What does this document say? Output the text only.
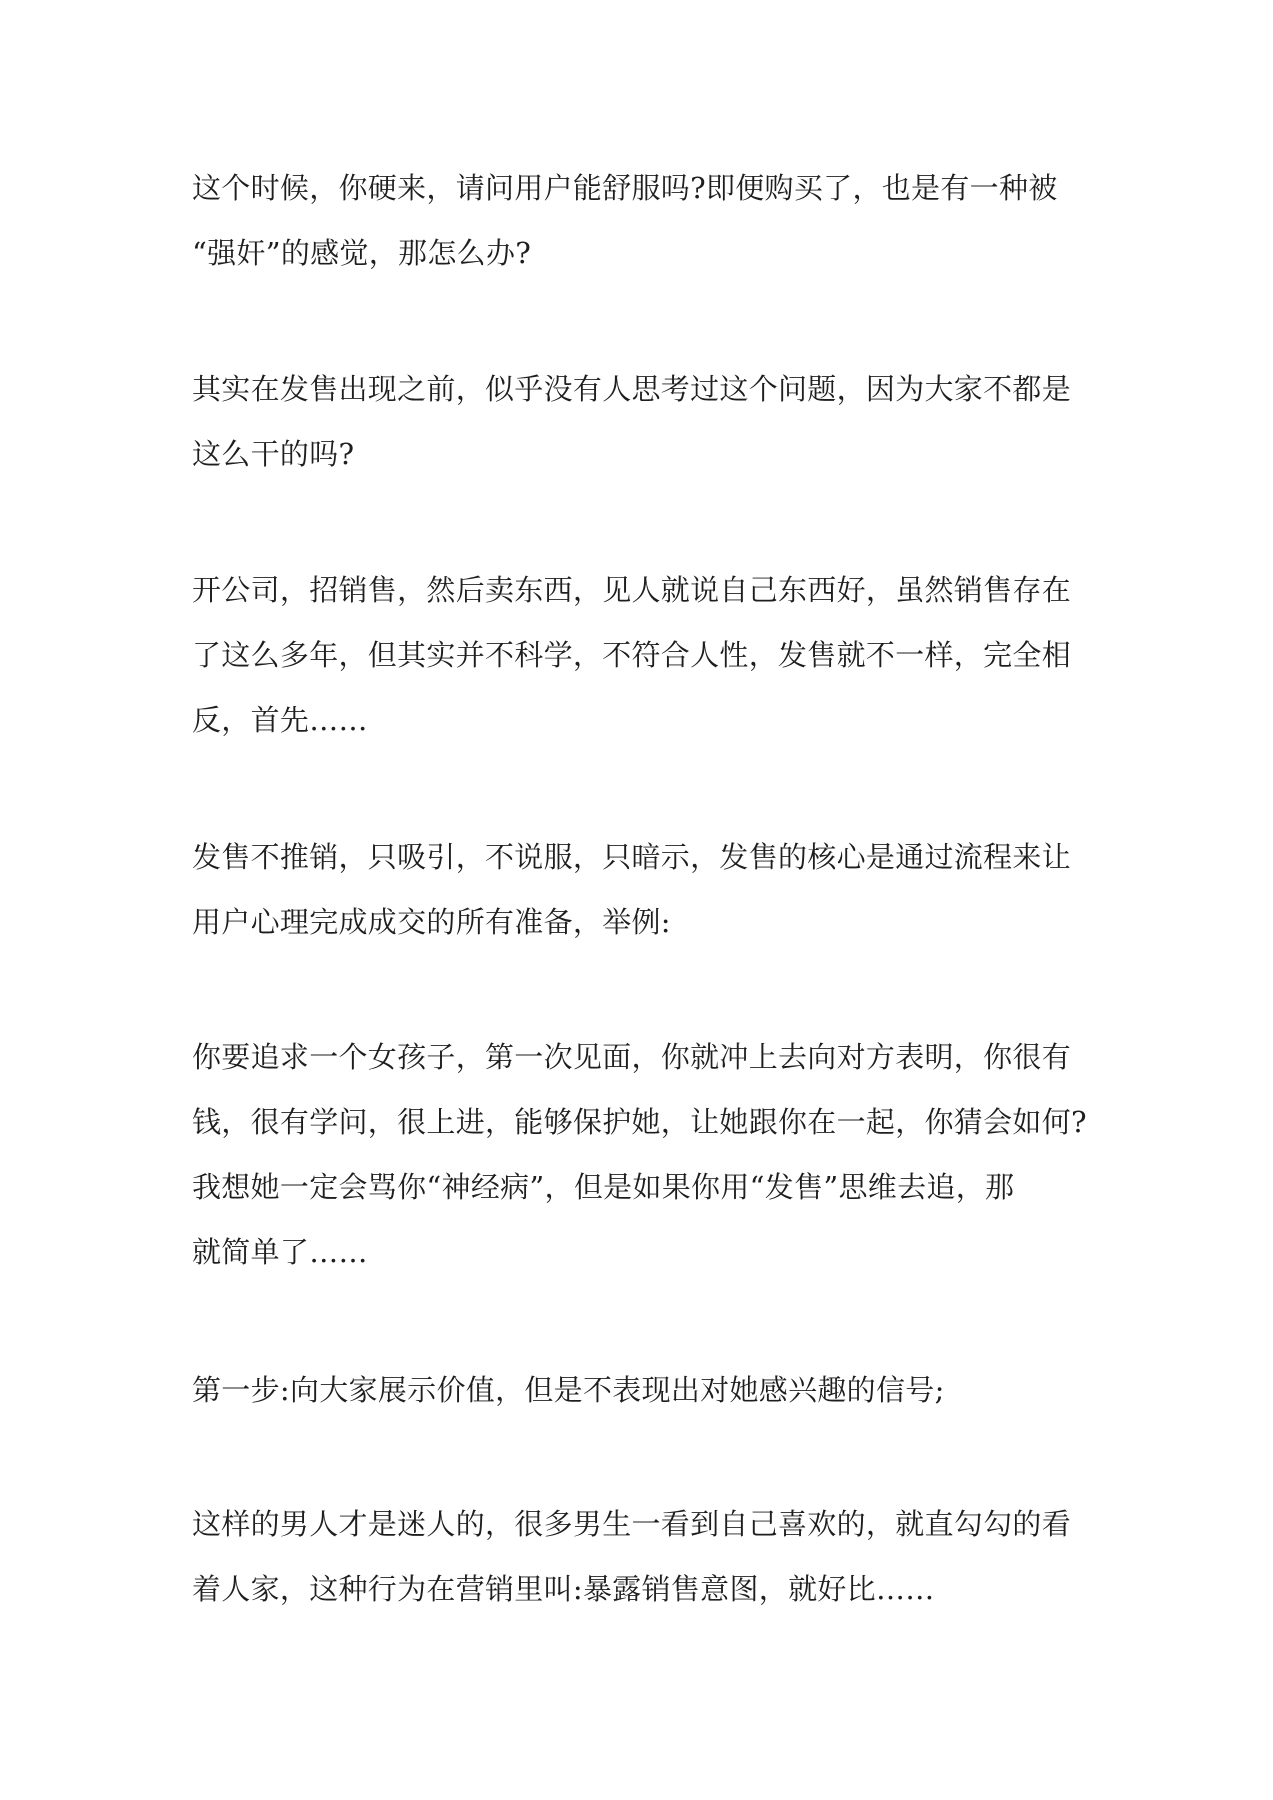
这个时候，你硬来，请问用户能舒服吗?即便购买了，也是有一种被

“强奸”的感觉，那怎么办?

其实在发售出现之前，似乎没有人思考过这个问题，因为大家不都是

这么干的吗?

开公司，招销售，然后卖东西，见人就说自己东西好，虽然销售存在

了这么多年，但其实并不科学，不符合人性，发售就不一样，完全相

反，首先……

发售不推销，只吸引，不说服，只暗示，发售的核心是通过流程来让

用户心理完成成交的所有准备，举例:

你要追求一个女孩子，第一次见面，你就冲上去向对方表明，你很有

钱，很有学问，很上进，能够保护她，让她跟你在一起，你猜会如何?

我想她一定会骂你“神经病”，但是如果你用“发售”思维去追，那

就简单了……

第一步:向大家展示价值，但是不表现出对她感兴趣的信号;

这样的男人才是迷人的，很多男生一看到自己喜欢的，就直勾勾的看

着人家，这种行为在营销里叫:暴露销售意图，就好比……
